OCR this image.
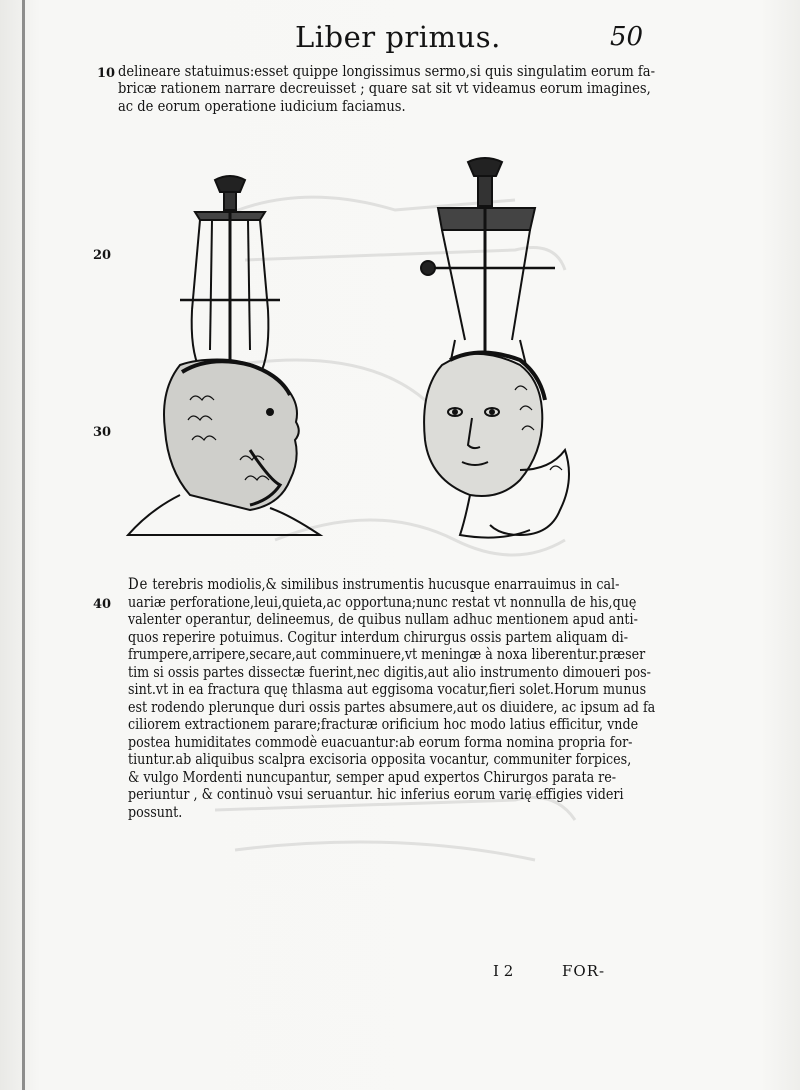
Liber primus.	50
10
20
30
40
delineare statuimus:esset quippe longissimus sermo,si quis singulatim eorum fa-
bricæ rationem narrare decreuisset ; quare sat sit vt videamus eorum imagines,
ac de eorum operatione iudicium faciamus.
De terebris modiolis,& similibus instrumentis hucusque enarrauimus in cal-
uariæ perforatione,leui,quieta,ac opportuna;nunc restat vt nonnulla de his,quę
valenter operantur, delineemus, de quibus nullam adhuc mentionem apud anti-
quos reperire potuimus. Cogitur interdum chirurgus ossis partem aliquam di-
frumpere,arripere,secare,aut comminuere,vt meningæ à noxa liberentur.præser
tim si ossis partes dissectæ fuerint,nec digitis,aut alio instrumento dimoueri pos-
sint.vt in ea fractura quę thlasma aut eggisoma vocatur,fieri solet.Horum munus
est rodendo plerunque duri ossis partes absumere,aut os diuidere, ac ipsum ad fa
ciliorem extractionem parare;fracturæ orificium hoc modo latius efficitur, vnde
postea humiditates commodè euacuantur:ab eorum forma nomina propria for-
tiuntur.ab aliquibus scalpra excisoria opposita vocantur, communiter forpices,
& vulgo Mordenti nuncupantur, semper apud expertos Chirurgos parata re-
periuntur , & continuò vsui seruantur. hic inferius eorum varię effigies videri
possunt.
I 2	FOR-
